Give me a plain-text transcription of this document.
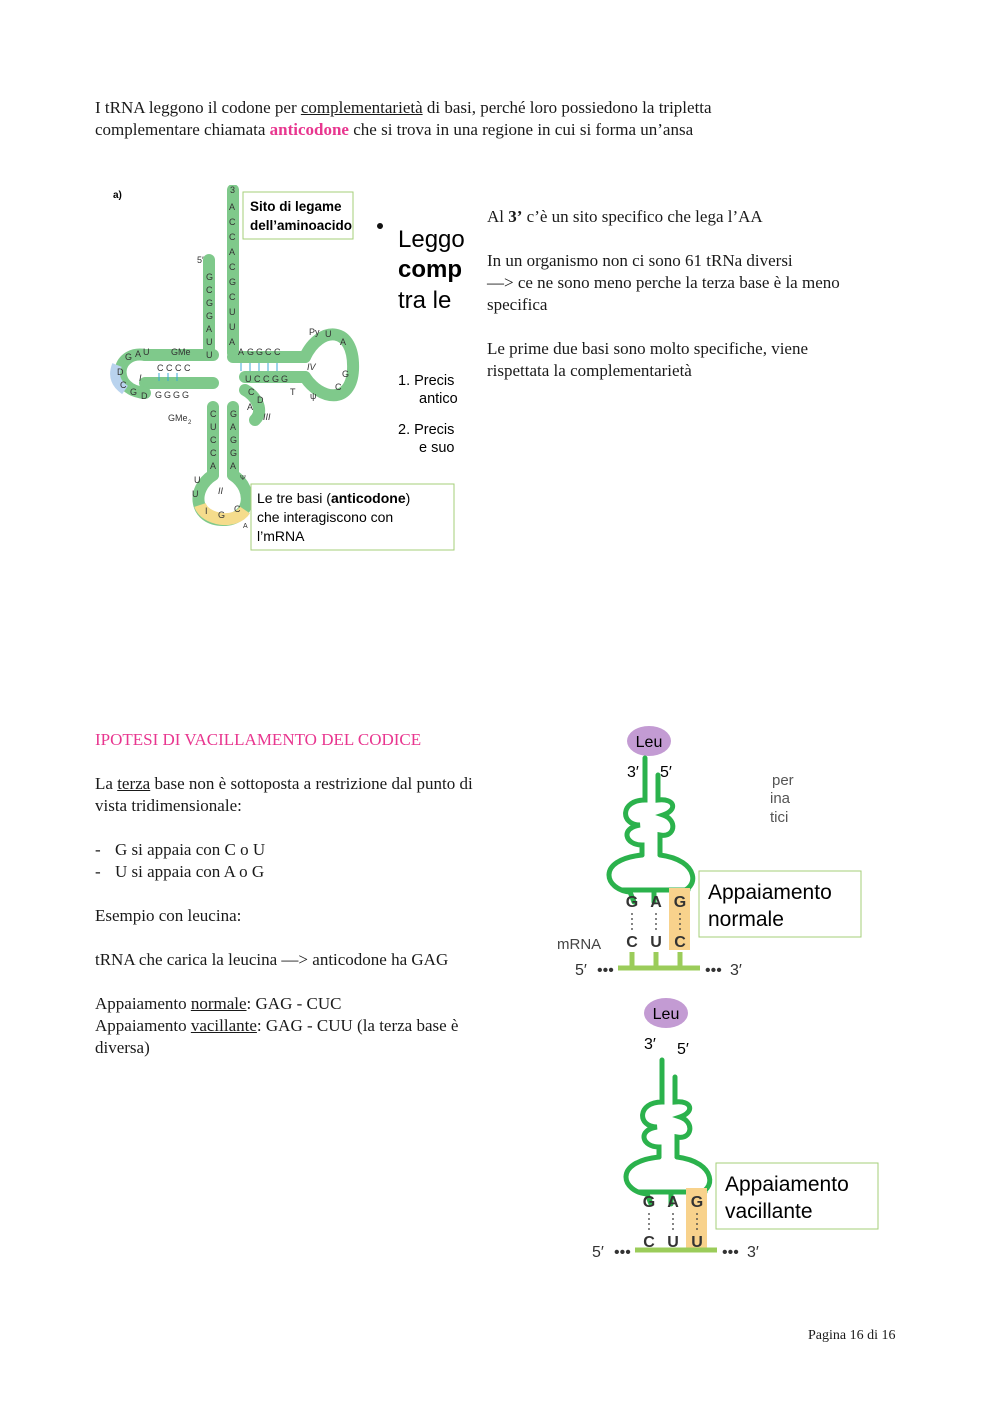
I tRNA leggono il codone per complementarietà di basi, perché loro possiedono la tripletta

complementare chiamata anticodone che si trova in una regione in cui si forma un’ansa

a)	3
A
C
C
A
C
G
C
U
U
A
5′
G
C
G
G
A
U
U
C C C C
G G G G
G A U
D
C
G D
GMe
GMe 2
A G G C C
U C C G G
Py U
A
G
C
T ψ
C
D
A
C
U
C
C
A
G
A
G
G
A
Ψ
U
U
I G
C
A
I
II
III
IV
Sito di legame
dell’aminoacido
Le tre basi (anticodone)
che interagiscono con
l’mRNA
Leggo
comp
tra le
1. Precis
antico
2. Precis
e suo

Al 3’ c’è un sito specifico che lega l’AA

In un organismo non ci sono 61 tRNa diversi

—> ce ne sono meno perche la terza base è la meno

specifica

Le prime due basi sono molto specifiche, viene

rispettata la complementarietà

IPOTESI DI VACILLAMENTO DEL CODICE

La terza base non è sottoposta a restrizione dal punto di

vista tridimensionale:

- G si appaia con C o U

- U si appaia con A o G

Esempio con leucina:

tRNA che carica la leucina —> anticodone ha GAG

Appaiamento normale: GAG - CUC

Appaiamento vacillante: GAG - CUU (la terza base è

diversa)

Leu
3′ 5′
G A G
C U C
mRNA
5′ •••	••• 3′
Appaiamento
normale
per
ina
tici
Leu
3′ 5′
G A G
C U U
5′ •••	••• 3′
Appaiamento
vacillante
Pagina 16 di 16
